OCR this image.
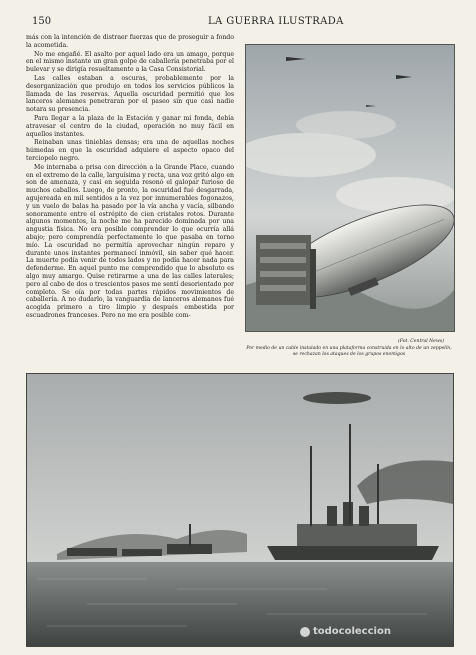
150	LA GUERRA ILUSTRADA

más con la intención de distraer fuerzas que de proseguir a fondo la acometida.

No me engañé. El asalto por aquel lado era un amago, porque en el mismo instante un gran golpe de caballería penetraba por el bulevar y se dirigía resueltamente a la Casa Consistorial.

Las calles estaban a oscuras, probablemente por la desorganización que produjo en todos los servicios públicos la llamada de las reservas. Aquella oscuridad permitió que los lanceros alemanes penetraran por el paseo sin que casi nadie notara su presencia.

Para llegar a la plaza de la Estación y ganar mi fonda, debía atravesar el centro de la ciudad, operación no muy fácil en aquellos instantes.

Reinaban unas tinieblas densas; era una de aquellas noches húmedas en que la oscuridad adquiere el aspecto opaco del terciopelo negro.

Me internaba a prisa con dirección a la Grande Place, cuando en el extremo de la calle, larguísima y recta, una voz gritó algo en son de amenaza, y casi en seguida resonó el galopar furioso de muchos caballos. Luego, de pronto, la oscuridad fué desgarrada, agujereada en mil sentidos a la vez por innumerables fogonazos, y un vuelo de balas ha pasado por la vía ancha y vacía, silbando sonoramente entre el estrépito de cien cristales rotos. Durante algunos momentos, la noche me ha parecido dominada por una angustia física. No era posible comprender lo que ocurría allá abajo; pero comprendía perfectamente lo que pasaba en torno mío. La oscuridad no permitía aprovechar ningún reparo y durante unos instantes permanecí inmóvil, sin saber qué hacer. La muerte podía venir de todos lados y no podía hacer nada para defenderme. En aquel punto me comprendido que lo absoluto es algo muy amargo. Quise retirarme a una de las calles laterales; pero al cabo de dos o trescientos pasos me sentí desorientado por completo. Se oía por todas partes rápidos movimientos de caballería. A no dudarlo, la vanguardia de lanceros alemanes fué acogida primero a tiro limpio y después embestida por escuadrones franceses. Pero no me era posible com-

(Fot. Central News)
Por medio de un cable instalado en una plataforma construida en lo alto de un zeppelín, se rechazan los ataques de los grupos enemigos
todocoleccion
